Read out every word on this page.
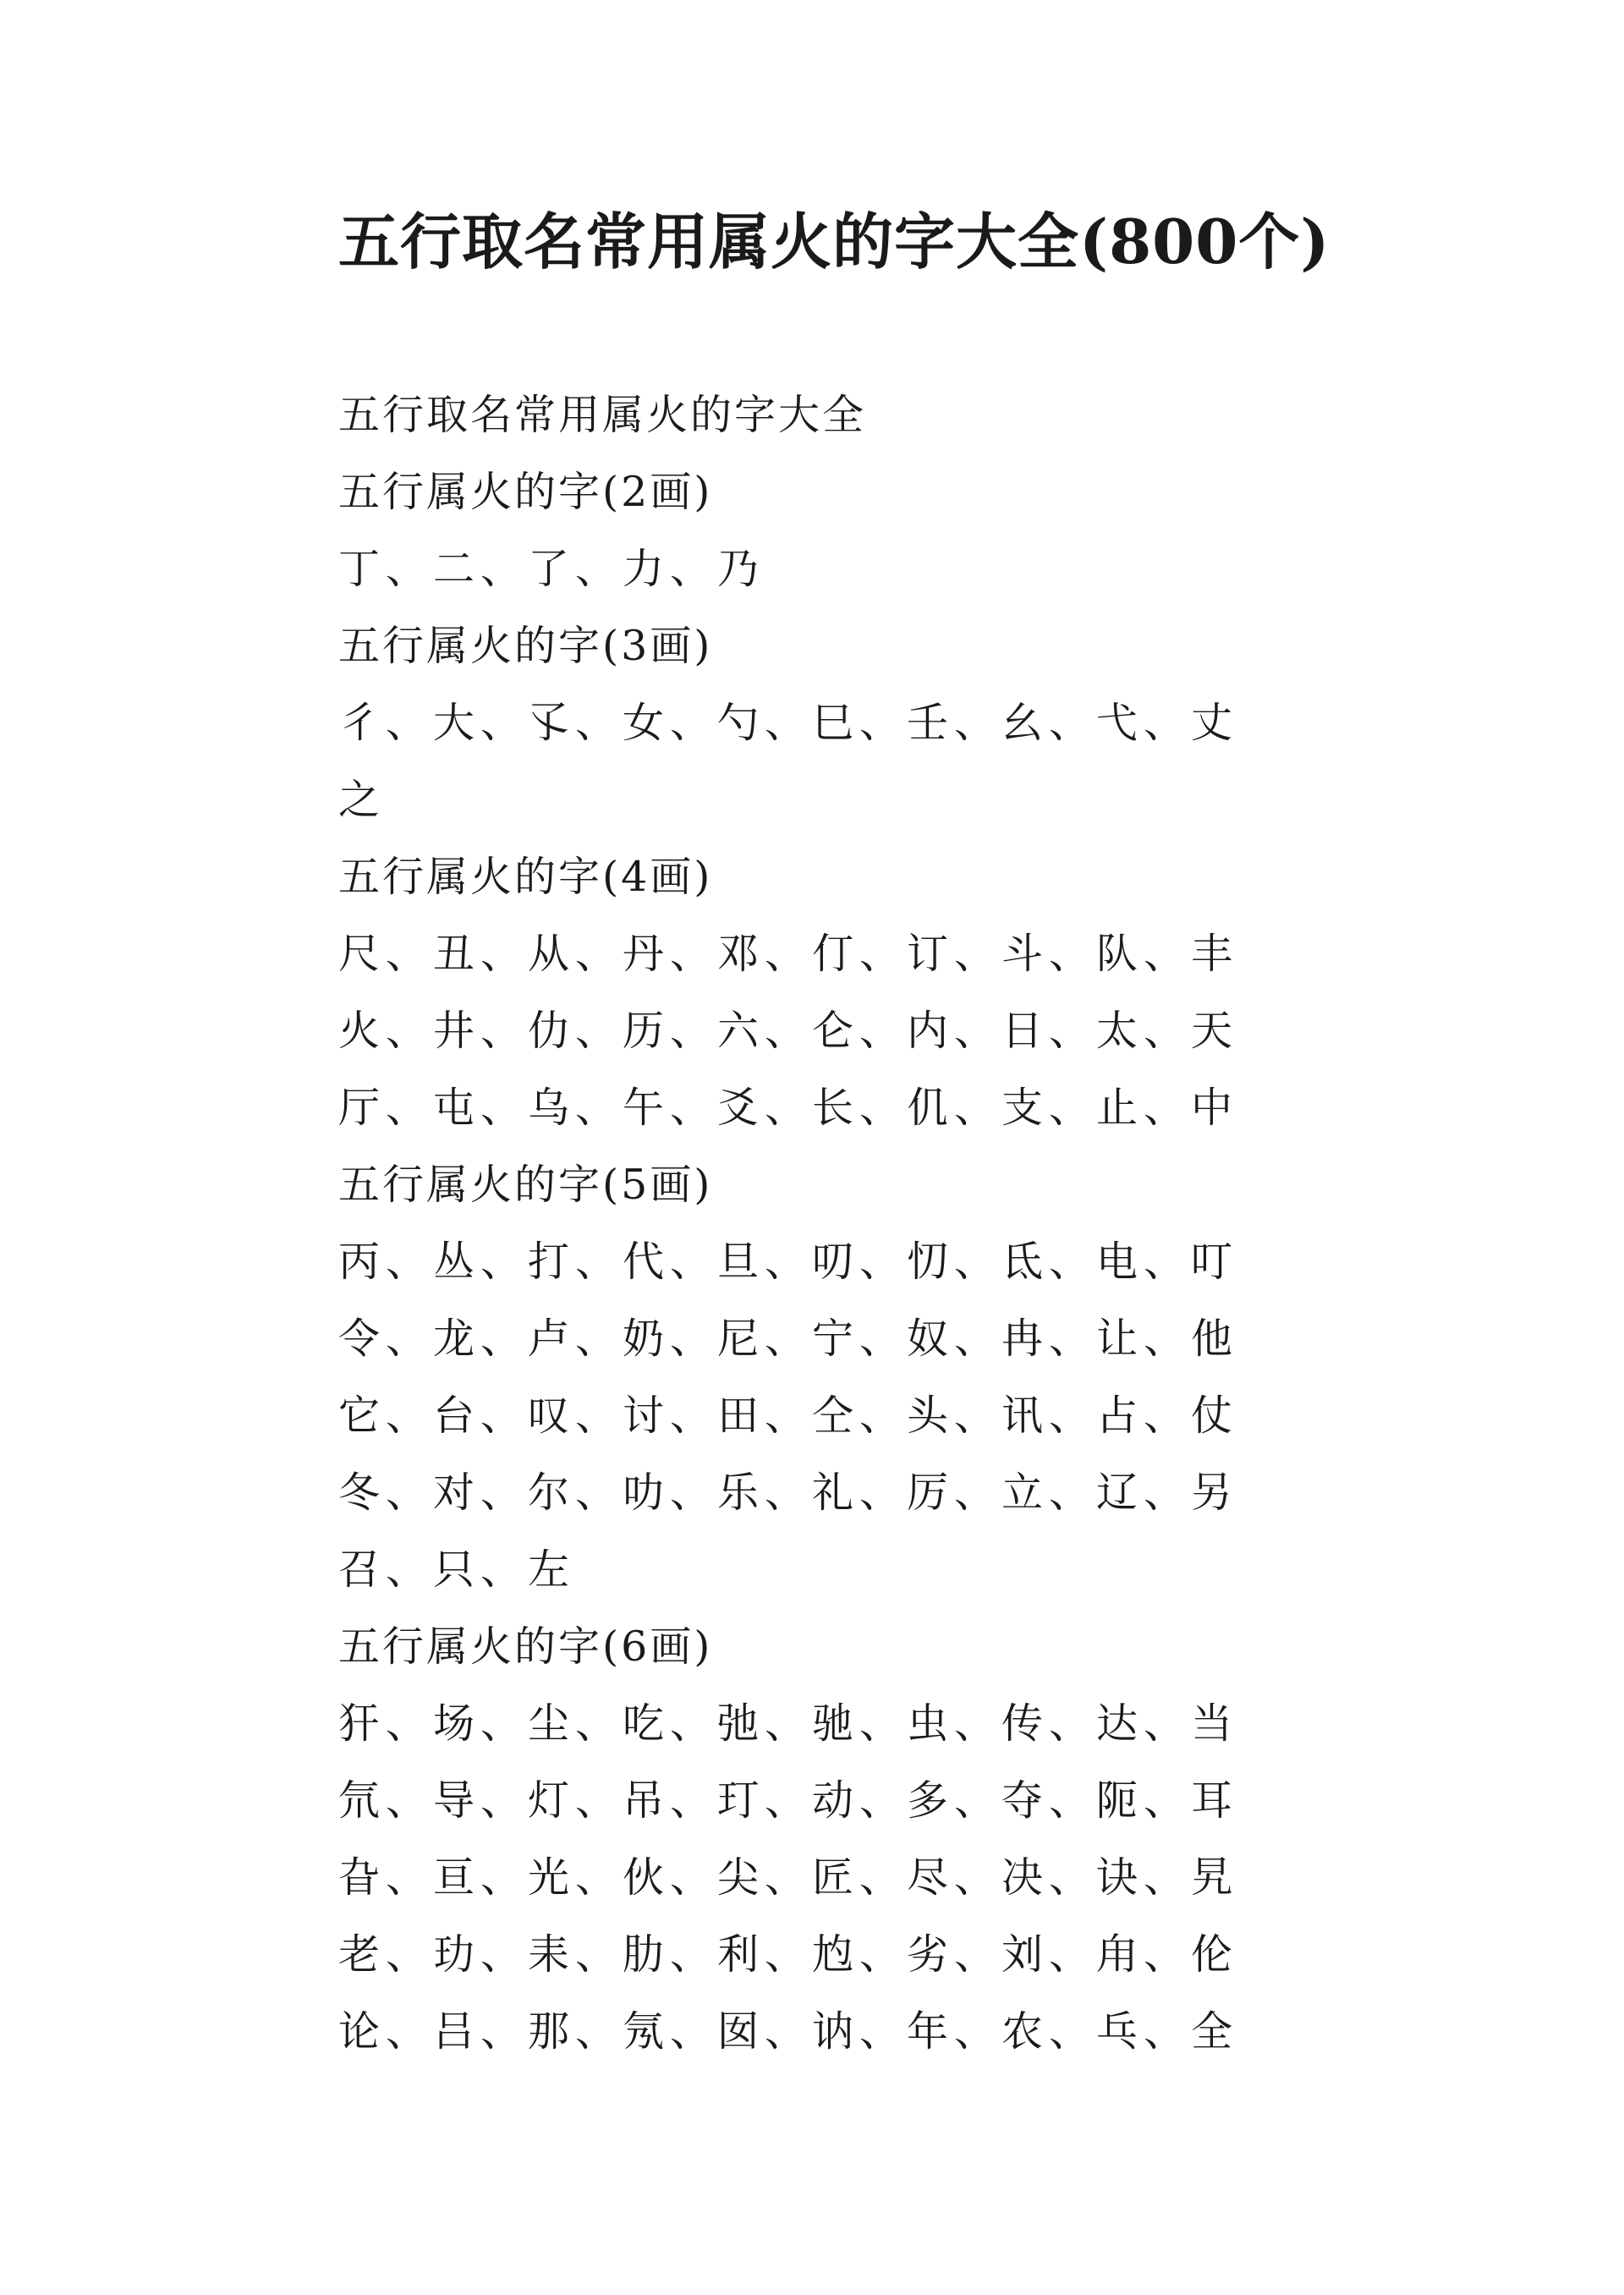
五行取名常用属火的字大全(800个)
五行取名常用属火的字大全
五行属火的字(2画)
丁、二、了、力、乃
五行属火的字(3画)
彳、大、孓、女、勺、巳、壬、幺、弋、丈
之
五行属火的字(4画)
尺、丑、从、丹、邓、仃、订、斗、队、丰
火、井、仂、历、六、仑、内、日、太、天
厅、屯、乌、午、爻、长、仉、支、止、中
五行属火的字(5画)
丙、丛、打、代、旦、叨、忉、氐、电、叮
令、龙、卢、奶、尼、宁、奴、冉、让、他
它、台、叹、讨、田、仝、头、讯、占、仗
冬、对、尔、叻、乐、礼、厉、立、辽、另
召、只、左
五行属火的字(6画)
犴、场、尘、吃、弛、驰、虫、传、达、当
氘、导、灯、吊、玎、动、多、夺、阨、耳
旮、亘、光、伙、尖、匠、尽、决、诀、旯
老、玏、耒、肋、利、尥、劣、刘、甪、伦
论、吕、那、氖、囡、讷、年、农、乓、全
